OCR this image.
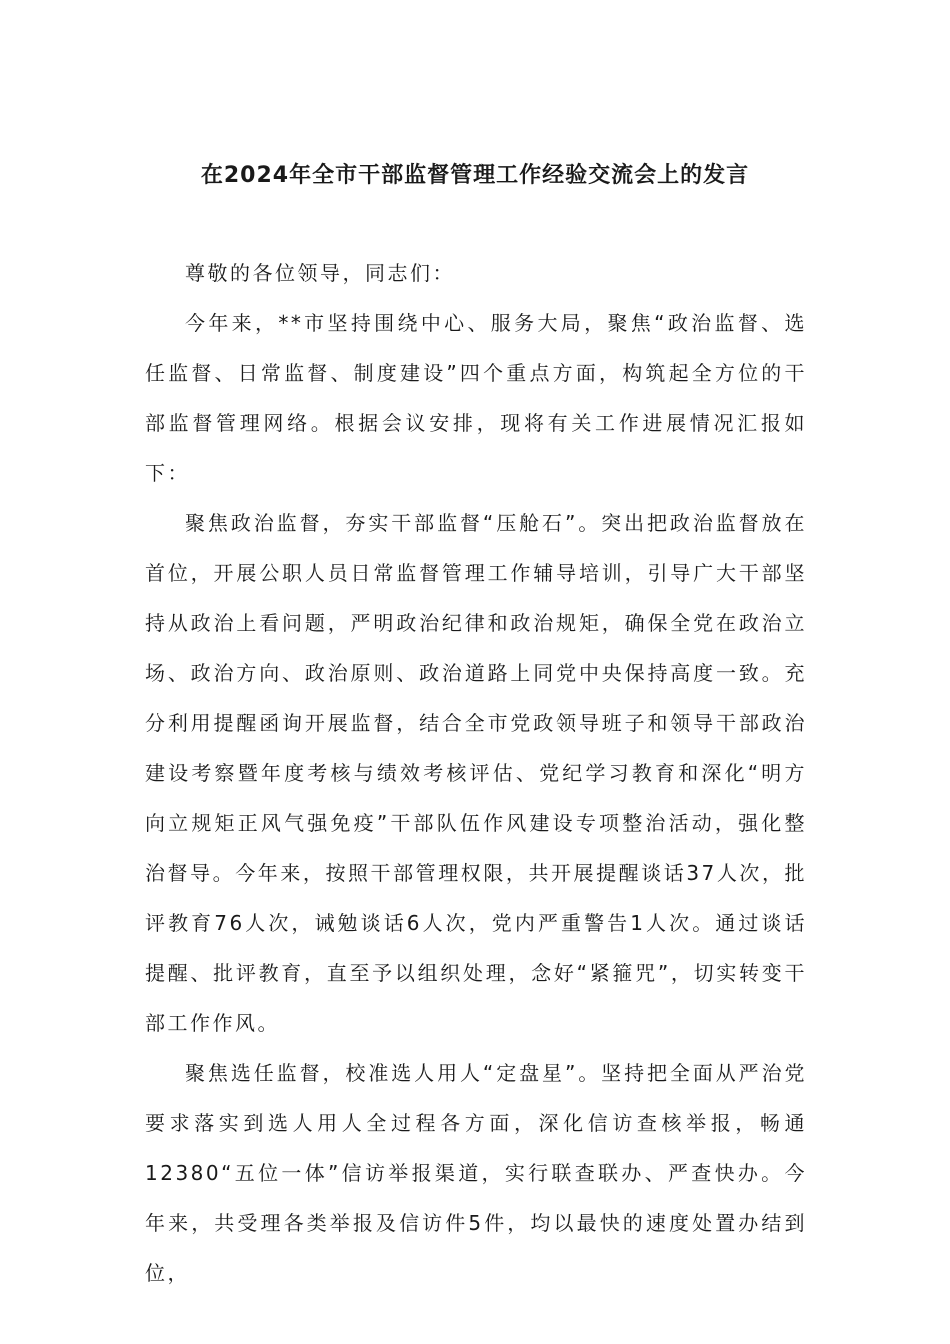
在2024年全市干部监督管理工作经验交流会上的发言

尊敬的各位领导，同志们：

今年来，**市坚持围绕中心、服务大局，聚焦“政治监督、选任监督、日常监督、制度建设”四个重点方面，构筑起全方位的干部监督管理网络。根据会议安排，现将有关工作进展情况汇报如下：

聚焦政治监督，夯实干部监督“压舱石”。突出把政治监督放在首位，开展公职人员日常监督管理工作辅导培训，引导广大干部坚持从政治上看问题，严明政治纪律和政治规矩，确保全党在政治立场、政治方向、政治原则、政治道路上同党中央保持高度一致。充分利用提醒函询开展监督，结合全市党政领导班子和领导干部政治建设考察暨年度考核与绩效考核评估、党纪学习教育和深化“明方向立规矩正风气强免疫”干部队伍作风建设专项整治活动，强化整治督导。今年来，按照干部管理权限，共开展提醒谈话37人次，批评教育76人次，诫勉谈话6人次，党内严重警告1人次。通过谈话提醒、批评教育，直至予以组织处理，念好“紧箍咒”，切实转变干部工作作风。

聚焦选任监督，校准选人用人“定盘星”。坚持把全面从严治党要求落实到选人用人全过程各方面，深化信访查核举报，畅通12380“五位一体”信访举报渠道，实行联查联办、严查快办。今年来，共受理各类举报及信访件5件，均以最快的速度处置办结到位，
